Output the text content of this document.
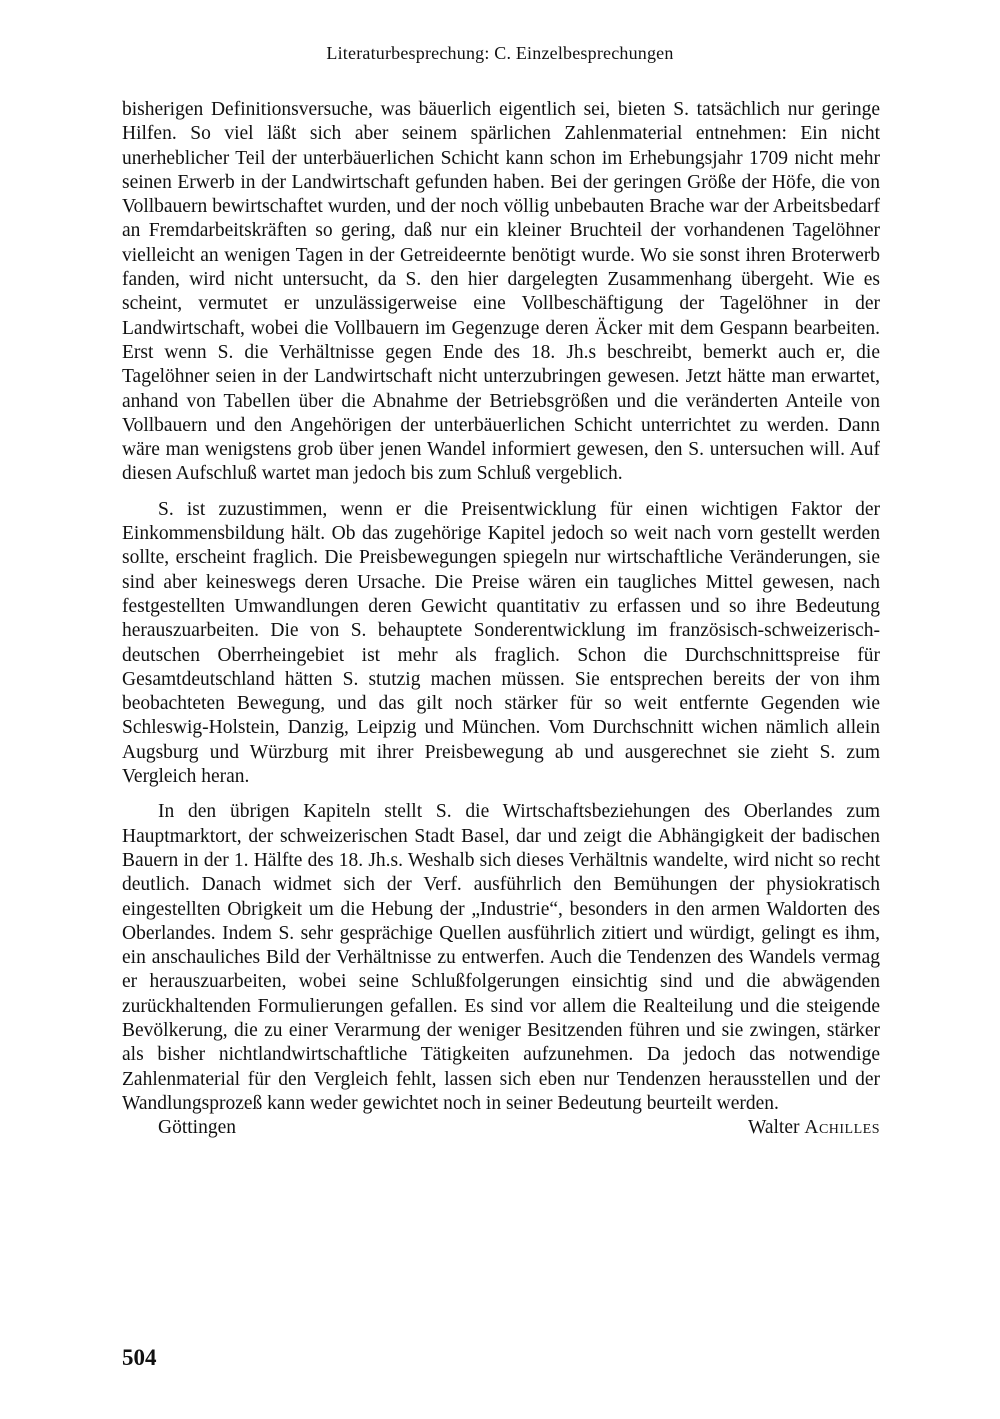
Literaturbesprechung: C. Einzelbesprechungen

bisherigen Definitionsversuche, was bäuerlich eigentlich sei, bieten S. tatsächlich nur geringe Hilfen. So viel läßt sich aber seinem spärlichen Zahlenmaterial entnehmen: Ein nicht unerheblicher Teil der unterbäuerlichen Schicht kann schon im Erhebungsjahr 1709 nicht mehr seinen Erwerb in der Landwirtschaft gefunden haben. Bei der geringen Größe der Höfe, die von Vollbauern bewirtschaftet wurden, und der noch völlig unbebauten Brache war der Arbeitsbedarf an Fremdarbeitskräften so gering, daß nur ein kleiner Bruchteil der vorhandenen Tagelöhner vielleicht an wenigen Tagen in der Getreideernte benötigt wurde. Wo sie sonst ihren Broterwerb fanden, wird nicht untersucht, da S. den hier dargelegten Zusammenhang übergeht. Wie es scheint, vermutet er unzulässigerweise eine Vollbeschäftigung der Tagelöhner in der Landwirtschaft, wobei die Vollbauern im Gegenzuge deren Äcker mit dem Gespann bearbeiten. Erst wenn S. die Verhältnisse gegen Ende des 18. Jh.s beschreibt, bemerkt auch er, die Tagelöhner seien in der Landwirtschaft nicht unterzubringen gewesen. Jetzt hätte man erwartet, anhand von Tabellen über die Abnahme der Betriebsgrößen und die veränderten Anteile von Vollbauern und den Angehörigen der unterbäuerlichen Schicht unterrichtet zu werden. Dann wäre man wenigstens grob über jenen Wandel informiert gewesen, den S. untersuchen will. Auf diesen Aufschluß wartet man jedoch bis zum Schluß vergeblich.

S. ist zuzustimmen, wenn er die Preisentwicklung für einen wichtigen Faktor der Einkommensbildung hält. Ob das zugehörige Kapitel jedoch so weit nach vorn gestellt werden sollte, erscheint fraglich. Die Preisbewegungen spiegeln nur wirtschaftliche Veränderungen, sie sind aber keineswegs deren Ursache. Die Preise wären ein taugliches Mittel gewesen, nach festgestellten Umwandlungen deren Gewicht quantitativ zu erfassen und so ihre Bedeutung herauszuarbeiten. Die von S. behauptete Sonderentwicklung im französisch-schweizerisch-deutschen Oberrheingebiet ist mehr als fraglich. Schon die Durchschnittspreise für Gesamtdeutschland hätten S. stutzig machen müssen. Sie entsprechen bereits der von ihm beobachteten Bewegung, und das gilt noch stärker für so weit entfernte Gegenden wie Schleswig-Holstein, Danzig, Leipzig und München. Vom Durchschnitt wichen nämlich allein Augsburg und Würzburg mit ihrer Preisbewegung ab und ausgerechnet sie zieht S. zum Vergleich heran.

In den übrigen Kapiteln stellt S. die Wirtschaftsbeziehungen des Oberlandes zum Hauptmarktort, der schweizerischen Stadt Basel, dar und zeigt die Abhängigkeit der badischen Bauern in der 1. Hälfte des 18. Jh.s. Weshalb sich dieses Verhältnis wandelte, wird nicht so recht deutlich. Danach widmet sich der Verf. ausführlich den Bemühungen der physiokratisch eingestellten Obrigkeit um die Hebung der „Industrie“, besonders in den armen Waldorten des Oberlandes. Indem S. sehr gesprächige Quellen ausführlich zitiert und würdigt, gelingt es ihm, ein anschauliches Bild der Verhältnisse zu entwerfen. Auch die Tendenzen des Wandels vermag er herauszuarbeiten, wobei seine Schlußfolgerungen einsichtig sind und die abwägenden zurückhaltenden Formulierungen gefallen. Es sind vor allem die Realteilung und die steigende Bevölkerung, die zu einer Verarmung der weniger Besitzenden führen und sie zwingen, stärker als bisher nichtlandwirtschaftliche Tätigkeiten aufzunehmen. Da jedoch das notwendige Zahlenmaterial für den Vergleich fehlt, lassen sich eben nur Tendenzen herausstellen und der Wandlungsprozeß kann weder gewichtet noch in seiner Bedeutung beurteilt werden.

Göttingen	Walter Achilles
504
